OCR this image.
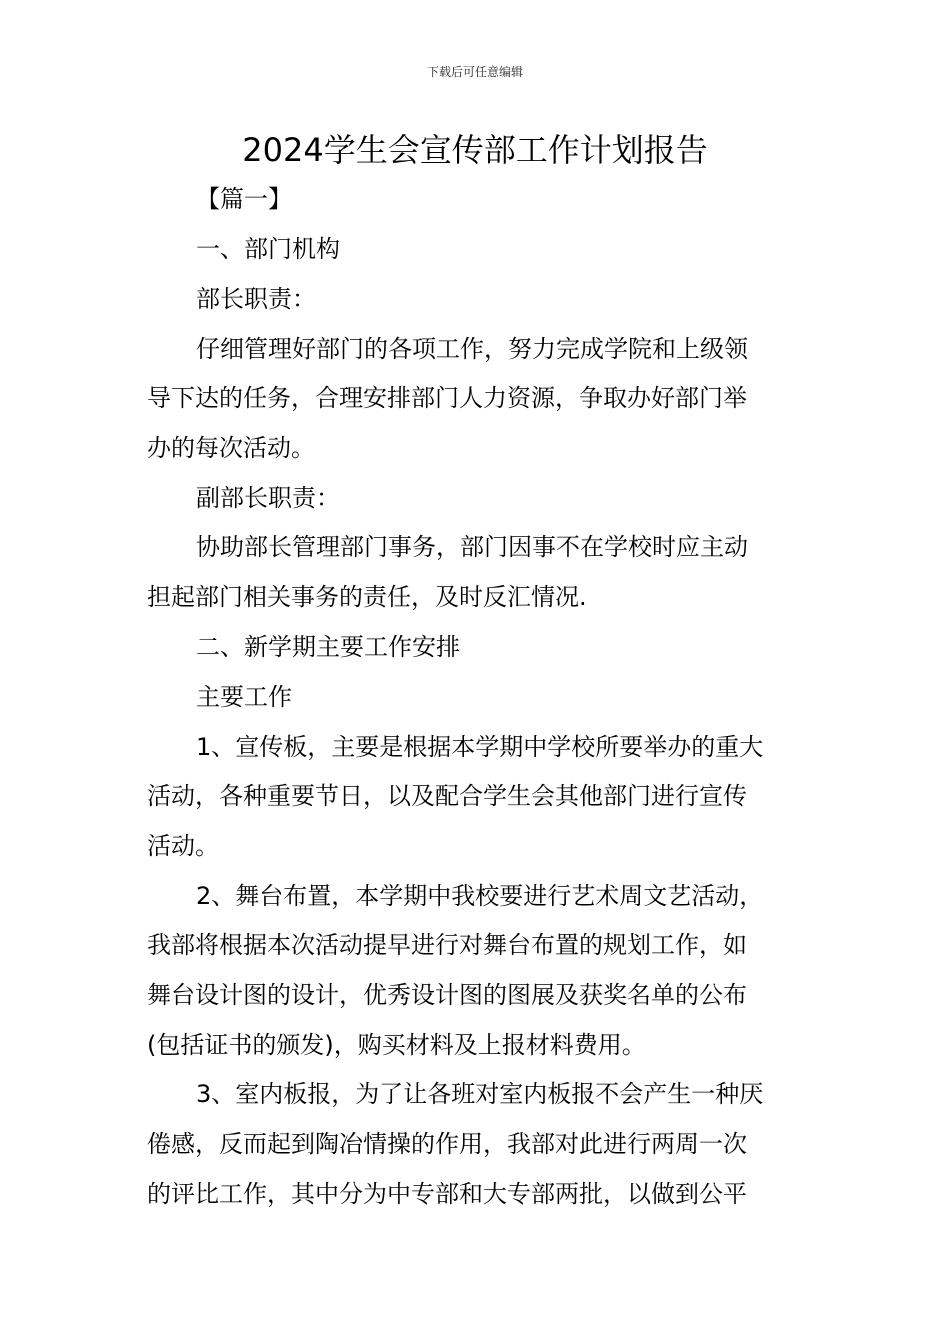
下载后可任意编辑
2024学生会宣传部工作计划报告
【篇一】
一、部门机构
部长职责：
仔细管理好部门的各项工作，努力完成学院和上级领
导下达的任务，合理安排部门人力资源，争取办好部门举
办的每次活动。
副部长职责：
协助部长管理部门事务，部门因事不在学校时应主动
担起部门相关事务的责任，及时反汇情况.
二、新学期主要工作安排
主要工作
1、宣传板，主要是根据本学期中学校所要举办的重大
活动，各种重要节日，以及配合学生会其他部门进行宣传
活动。
2、舞台布置，本学期中我校要进行艺术周文艺活动，
我部将根据本次活动提早进行对舞台布置的规划工作，如
舞台设计图的设计，优秀设计图的图展及获奖名单的公布
(包括证书的颁发)，购买材料及上报材料费用。
3、室内板报，为了让各班对室内板报不会产生一种厌
倦感，反而起到陶冶情操的作用，我部对此进行两周一次
的评比工作，其中分为中专部和大专部两批，以做到公平
